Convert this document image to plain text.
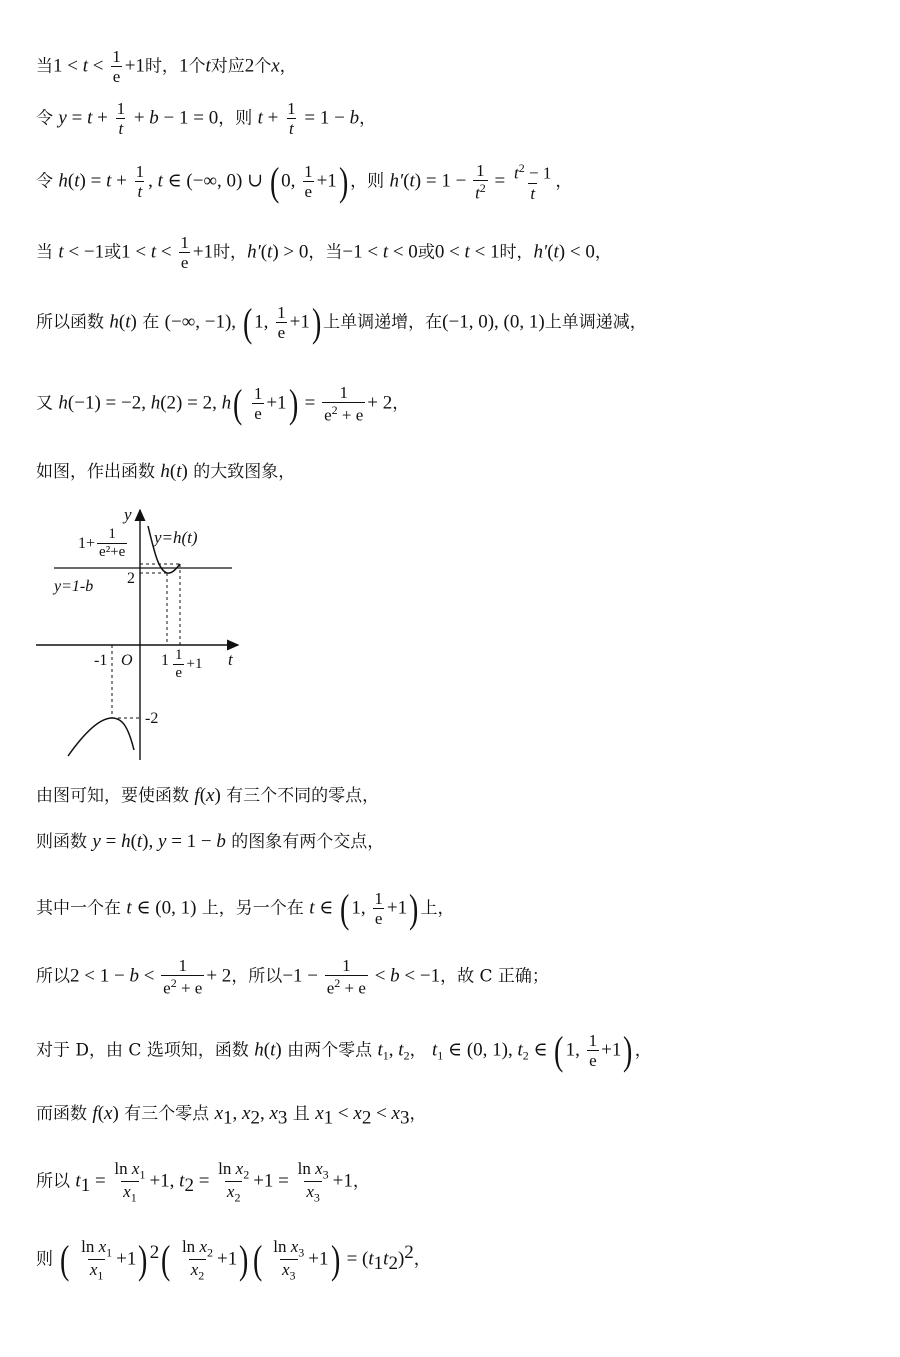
当$1 < t < \frac{1}{e} +1$时，1个t对应2个x，
令 $y = t + \frac{1}{t} + b - 1 = 0$，则 $t + \frac{1}{t} = 1 - b$，
令 $h(t) = t + \frac{1}{t}$ , t ∈ (−∞, 0) ∪ ( 0, $\frac{1}{e} +1$) ，则 $h'(t) = 1 - \frac{1}{t^2} = \frac{t^2 - 1}{t}$ ，
当 t < −1或$1 < t < \frac{1}{e} +1$时，h′(t) > 0，当−1 < t < 0或0 < t < 1时，h′(t) < 0，
所以函数 h(t) 在 (−∞, −1), ( 1, $\frac{1}{e} +1$) 上单调递增，在(−1, 0), (0, 1)上单调递减，
又 h(−1) = −2, h(2) = 2, $h( \frac{1}{e} +1) = \frac{1}{e^2 + e} + 2$，
如图，作出函数 h(t) 的大致图象，
y
y=h(t)
$1+ \frac{1}{\text{e²+e}}$
2
y=1-b
-1 O $1 \frac{1}{e} +1$ t
-2
由图可知，要使函数 f(x) 有三个不同的零点，
则函数 y = h(t), y = 1 − b 的图象有两个交点，
其中一个在 t ∈ (0, 1) 上，另一个在 t ∈ ( 1, $\frac{1}{e} +1$) 上，
所以$2 < 1 - b < \frac{1}{e^2 + e} + 2$，所以$-1 - \frac{1}{e^2 + e} < b < -1$，故 C 正确；
对于 D，由 C 选项知，函数 h(t) 由两个零点 $t_1$, $t_2$， $t_1$ ∈ (0, 1), $t_2$ ∈ ( 1, $\frac{1}{e} +1$) ，
而函数 f(x) 有三个零点 $x_1$, $x_2$, $x_3$ 且 $x_1 < x_2 < x_3$，
所以 $t_1 = \frac{\ln x_1}{x_1} +1$, $t_2 = \frac{\ln x_2}{x_2} +1 = \frac{\ln x_3}{x_3} +1$，
则 ( $\frac{\ln x_1}{x_1} +1$) $^2( \frac{\ln x_2}{x_2} +1)( \frac{\ln x_3}{x_3} +1) = (t_1t_2)^2$，
